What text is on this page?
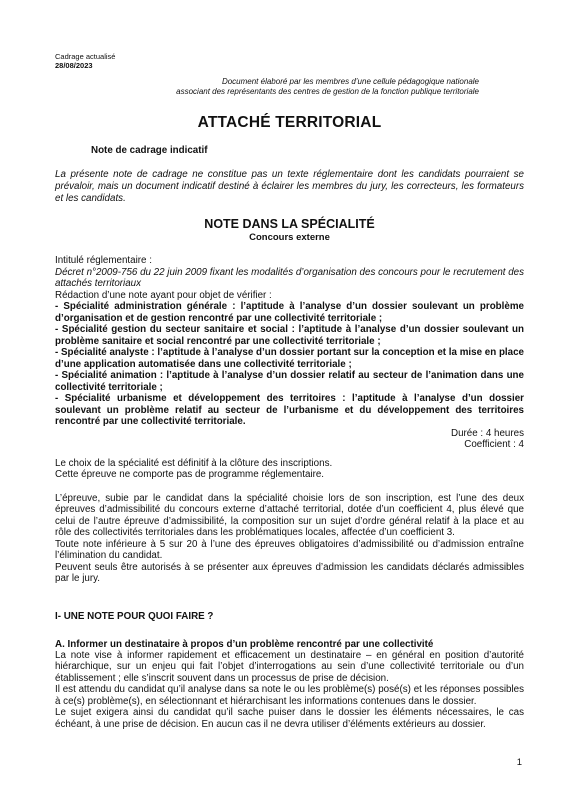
Cadrage actualisé
28/08/2023
Document élaboré par les membres d’une cellule pédagogique nationale
associant des représentants des centres de gestion de la fonction publique territoriale
ATTACHÉ TERRITORIAL
Note de cadrage indicatif

La présente note de cadrage ne constitue pas un texte réglementaire dont les candidats pourraient se prévaloir, mais un document indicatif destiné à éclairer les membres du jury, les correcteurs, les formateurs et les candidats.

NOTE DANS LA SPÉCIALITÉ
Concours externe

Intitulé réglementaire :

Décret n°2009-756 du 22 juin 2009 fixant les modalités d’organisation des concours pour le recrutement des attachés territoriaux

Rédaction d’une note ayant pour objet de vérifier :

- Spécialité administration générale : l’aptitude à l’analyse d’un dossier soulevant un problème d’organisation et de gestion rencontré par une collectivité territoriale ;

- Spécialité gestion du secteur sanitaire et social : l’aptitude à l’analyse d’un dossier soulevant un problème sanitaire et social rencontré par une collectivité territoriale ;

- Spécialité analyste : l’aptitude à l’analyse d’un dossier portant sur la conception et la mise en place d’une application automatisée dans une collectivité territoriale ;

- Spécialité animation : l’aptitude à l’analyse d’un dossier relatif au secteur de l’animation dans une collectivité territoriale ;

- Spécialité urbanisme et développement des territoires : l’aptitude à l’analyse d’un dossier soulevant un problème relatif au secteur de l’urbanisme et du développement des territoires rencontré par une collectivité territoriale.

Durée : 4 heures

Coefficient : 4

Le choix de la spécialité est définitif à la clôture des inscriptions.

Cette épreuve ne comporte pas de programme réglementaire.

L’épreuve, subie par le candidat dans la spécialité choisie lors de son inscription, est l’une des deux épreuves d’admissibilité du concours externe d’attaché territorial, dotée d’un coefficient 4, plus élevé que celui de l’autre épreuve d’admissibilité, la composition sur un sujet d’ordre général relatif à la place et au rôle des collectivités territoriales dans les problématiques locales, affectée d’un coefficient 3.

Toute note inférieure à 5 sur 20 à l’une des épreuves obligatoires d’admissibilité ou d’admission entraîne l’élimination du candidat.

Peuvent seuls être autorisés à se présenter aux épreuves d’admission les candidats déclarés admissibles par le jury.

I- UNE NOTE POUR QUOI FAIRE ?
A. Informer un destinataire à propos d’un problème rencontré par une collectivité

La note vise à informer rapidement et efficacement un destinataire – en général en position d’autorité hiérarchique, sur un enjeu qui fait l’objet d’interrogations au sein d’une collectivité territoriale ou d’un établissement ; elle s’inscrit souvent dans un processus de prise de décision.

Il est attendu du candidat qu’il analyse dans sa note le ou les problème(s) posé(s) et les réponses possibles à ce(s) problème(s), en sélectionnant et hiérarchisant les informations contenues dans le dossier.

Le sujet exigera ainsi du candidat qu’il sache puiser dans le dossier les éléments nécessaires, le cas échéant, à une prise de décision. En aucun cas il ne devra utiliser d’éléments extérieurs au dossier.

1
